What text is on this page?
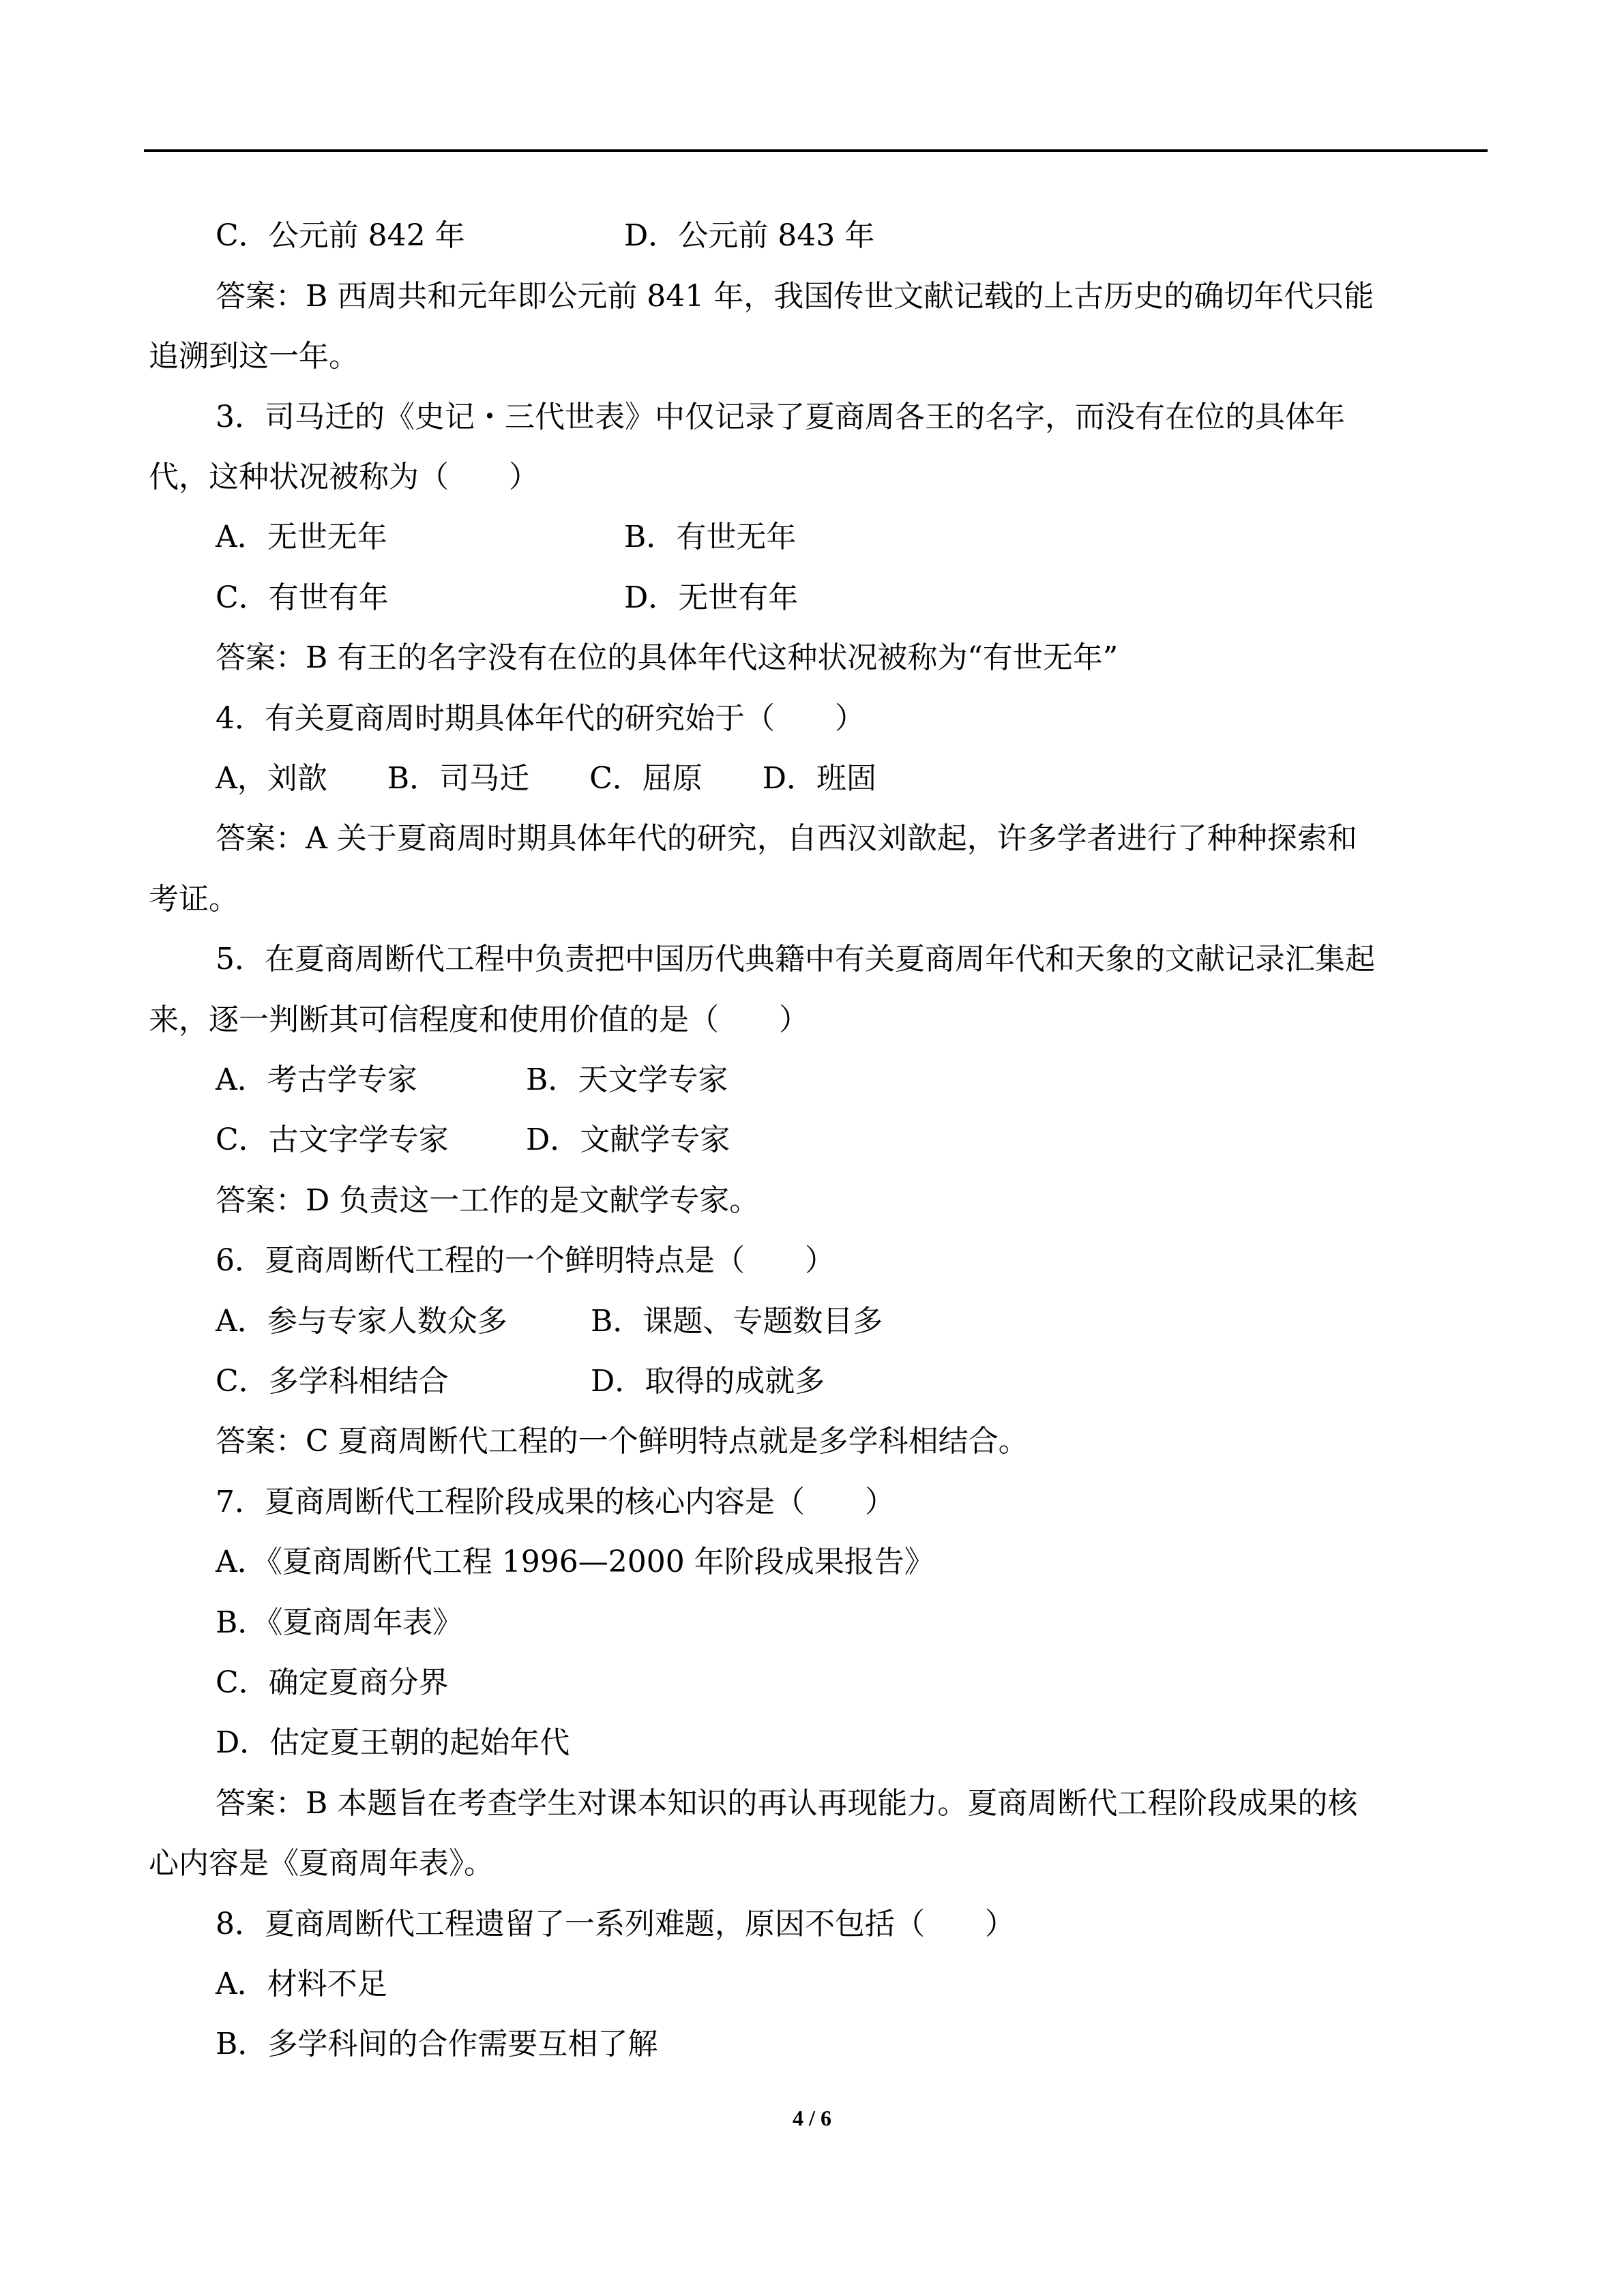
C．公元前 842 年	D．公元前 843 年
答案：B 西周共和元年即公元前 841 年，我国传世文献记载的上古历史的确切年代只能
追溯到这一年。
3．司马迁的《史记・三代世表》中仅记录了夏商周各王的名字，而没有在位的具体年
代，这种状况被称为（　　）
A．无世无年	B．有世无年
C．有世有年	D．无世有年
答案：B 有王的名字没有在位的具体年代这种状况被称为“有世无年”
4．有关夏商周时期具体年代的研究始于（　　）
A，刘歆　　B．司马迁　　C．屈原　　D．班固
答案：A 关于夏商周时期具体年代的研究，自西汉刘歆起，许多学者进行了种种探索和
考证。
5．在夏商周断代工程中负责把中国历代典籍中有关夏商周年代和天象的文献记录汇集起
来，逐一判断其可信程度和使用价值的是（　　）
A．考古学专家	B．天文学专家
C．古文字学专家	D．文献学专家
答案：D 负责这一工作的是文献学专家。
6．夏商周断代工程的一个鲜明特点是（　　）
A．参与专家人数众多	B．课题、专题数目多
C．多学科相结合	D．取得的成就多
答案：C 夏商周断代工程的一个鲜明特点就是多学科相结合。
7．夏商周断代工程阶段成果的核心内容是（　　）
A．《夏商周断代工程 1996—2000 年阶段成果报告》
B．《夏商周年表》
C．确定夏商分界
D．估定夏王朝的起始年代
答案：B 本题旨在考查学生对课本知识的再认再现能力。夏商周断代工程阶段成果的核
心内容是《夏商周年表》。
8．夏商周断代工程遗留了一系列难题，原因不包括（　　）
A．材料不足
B．多学科间的合作需要互相了解
4 / 6
